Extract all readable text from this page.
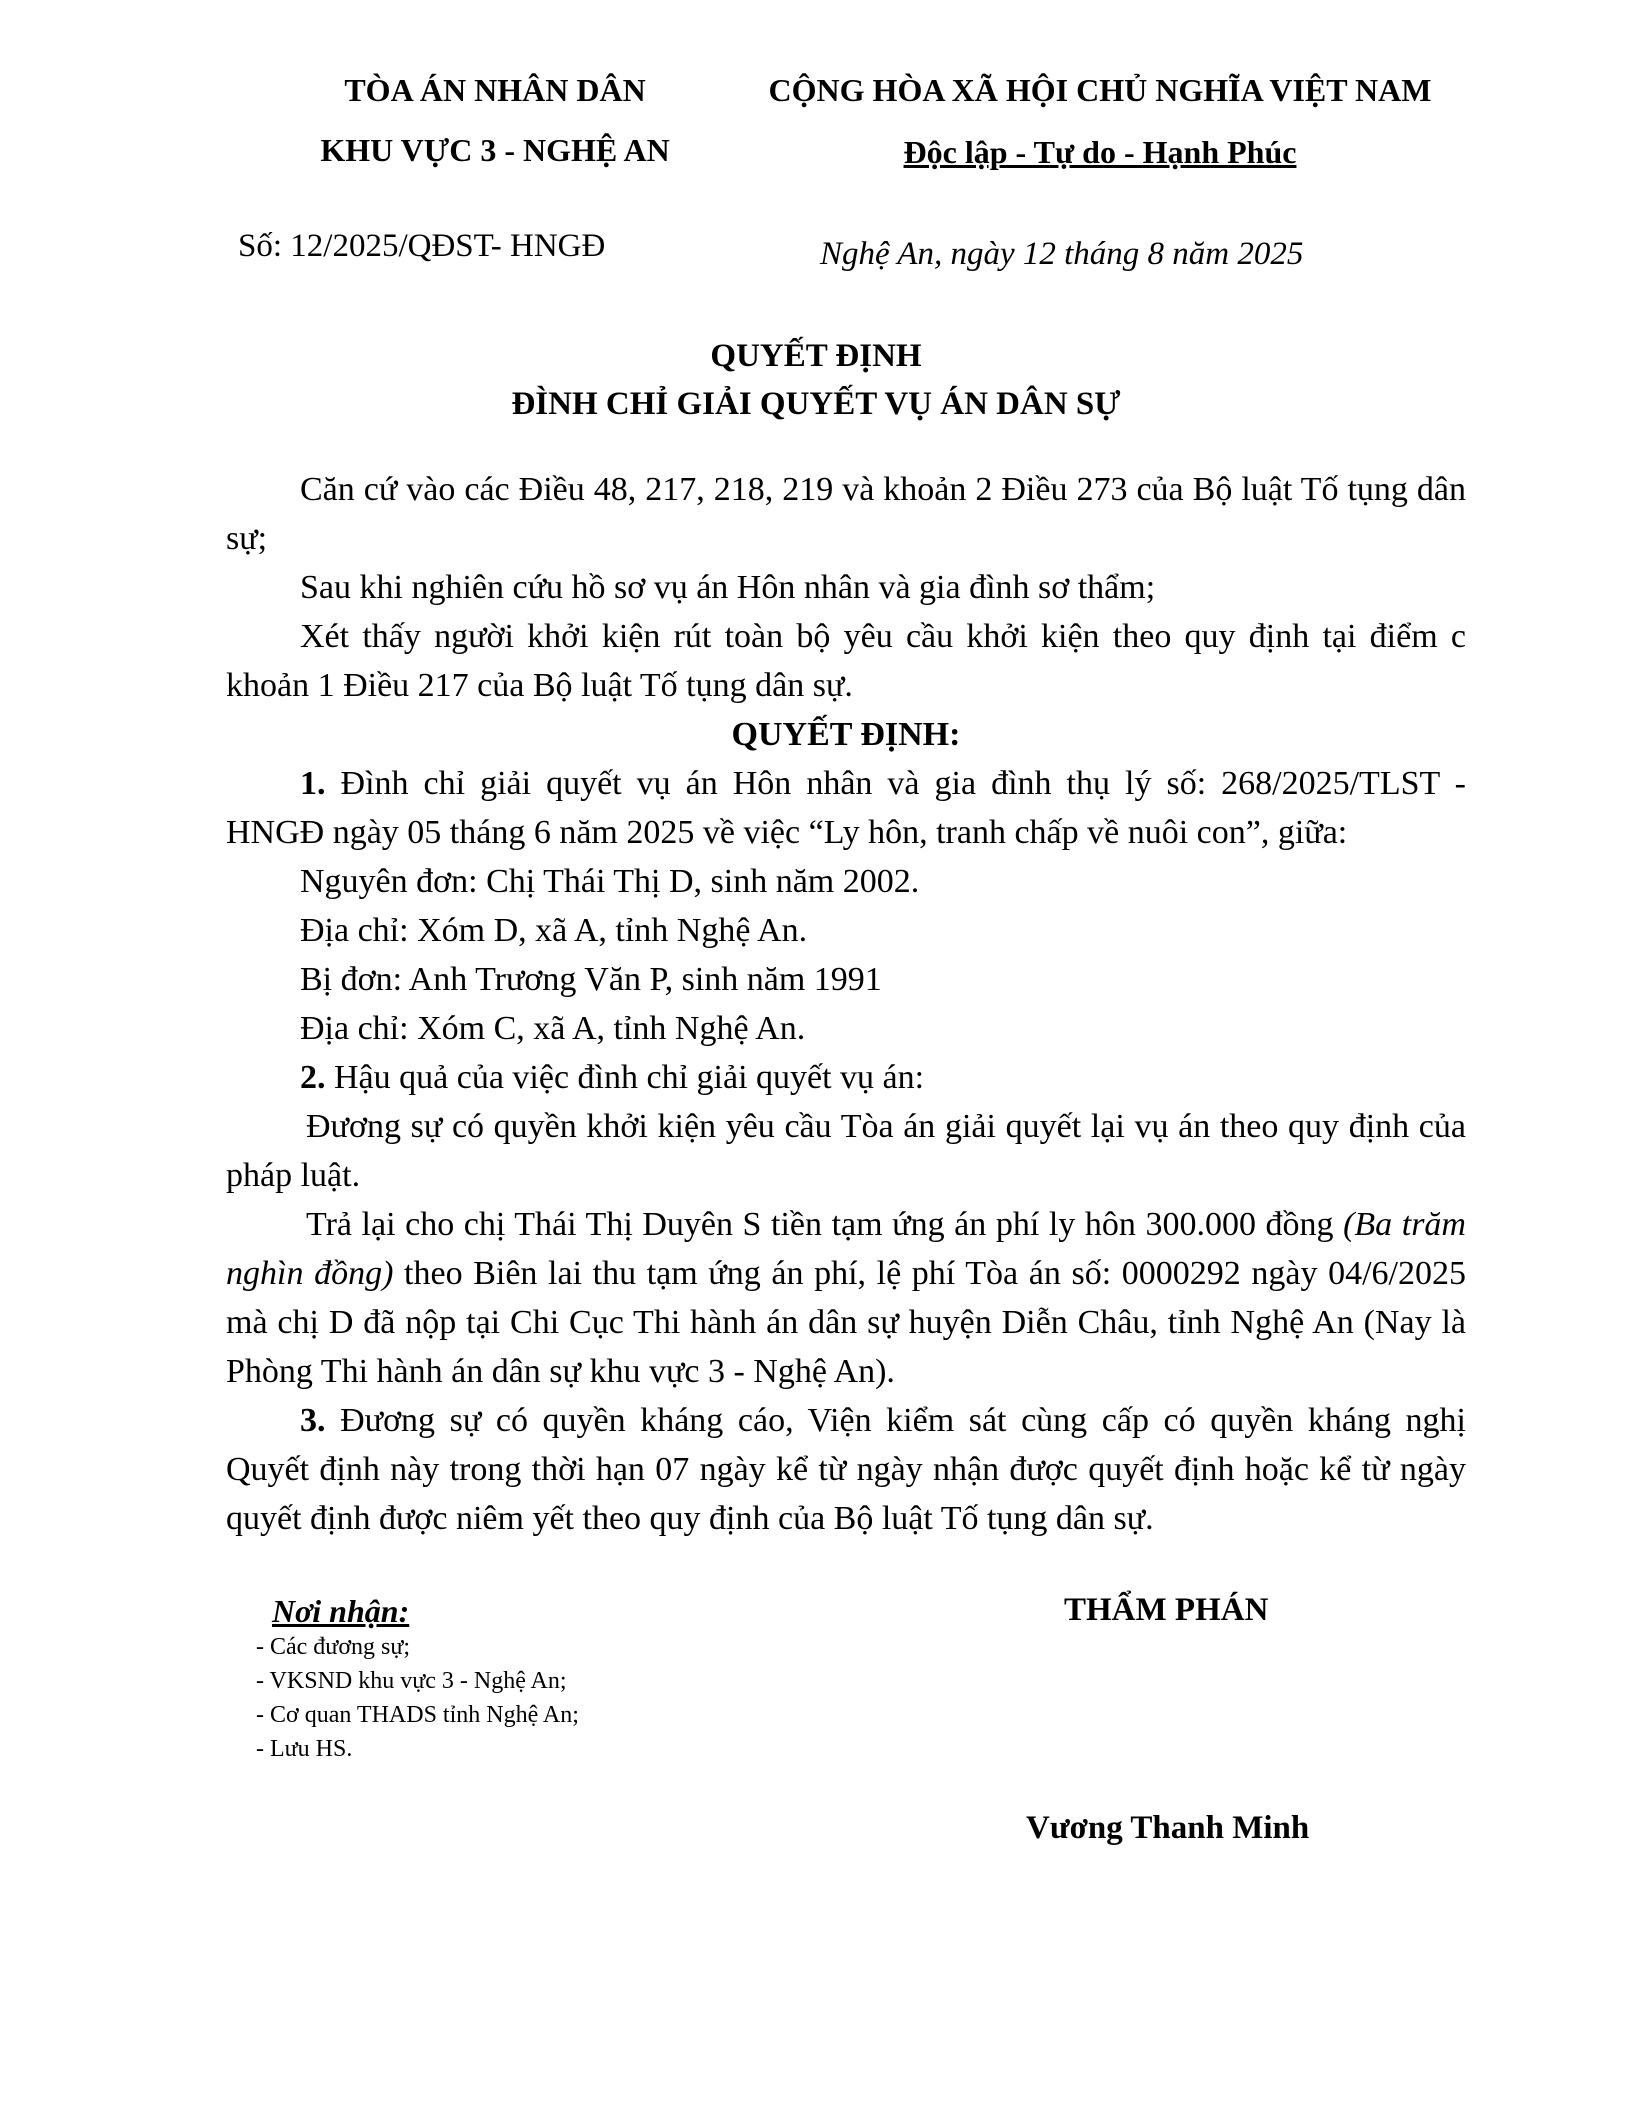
TÒA ÁN NHÂN DÂN
KHU VỰC 3 - NGHỆ AN
CỘNG HÒA XÃ HỘI CHỦ NGHĨA VIỆT NAM
Độc lập - Tự do - Hạnh Phúc
Số: 12/2025/QĐST- HNGĐ	Nghệ An, ngày 12 tháng 8 năm 2025
QUYẾT ĐỊNH
ĐÌNH CHỈ GIẢI QUYẾT VỤ ÁN DÂN SỰ

Căn cứ vào các Điều 48, 217, 218, 219 và khoản 2 Điều 273 của Bộ luật Tố tụng dân sự;

Sau khi nghiên cứu hồ sơ vụ án Hôn nhân và gia đình sơ thẩm;

Xét thấy người khởi kiện rút toàn bộ yêu cầu khởi kiện theo quy định tại điểm c khoản 1 Điều 217 của Bộ luật Tố tụng dân sự.

QUYẾT ĐỊNH:

1. Đình chỉ giải quyết vụ án Hôn nhân và gia đình thụ lý số: 268/2025/TLST - HNGĐ ngày 05 tháng 6 năm 2025 về việc “Ly hôn, tranh chấp về nuôi con”, giữa:

Nguyên đơn: Chị Thái Thị D, sinh năm 2002.

Địa chỉ: Xóm D, xã A, tỉnh Nghệ An.

Bị đơn: Anh Trương Văn P, sinh năm 1991

Địa chỉ: Xóm C, xã A, tỉnh Nghệ An.

2. Hậu quả của việc đình chỉ giải quyết vụ án:

Đương sự có quyền khởi kiện yêu cầu Tòa án giải quyết lại vụ án theo quy định của pháp luật.

Trả lại cho chị Thái Thị Duyên S tiền tạm ứng án phí ly hôn 300.000 đồng (Ba trăm nghìn đồng) theo Biên lai thu tạm ứng án phí, lệ phí Tòa án số: 0000292 ngày 04/6/2025 mà chị D đã nộp tại Chi Cục Thi hành án dân sự huyện Diễn Châu, tỉnh Nghệ An (Nay là Phòng Thi hành án dân sự khu vực 3 - Nghệ An).

3. Đương sự có quyền kháng cáo, Viện kiểm sát cùng cấp có quyền kháng nghị Quyết định này trong thời hạn 07 ngày kể từ ngày nhận được quyết định hoặc kể từ ngày quyết định được niêm yết theo quy định của Bộ luật Tố tụng dân sự.

Nơi nhận:
- Các đương sự;
- VKSND khu vực 3 - Nghệ An;
- Cơ quan THADS tỉnh Nghệ An;
- Lưu HS.
THẨM PHÁN
Vương Thanh Minh
